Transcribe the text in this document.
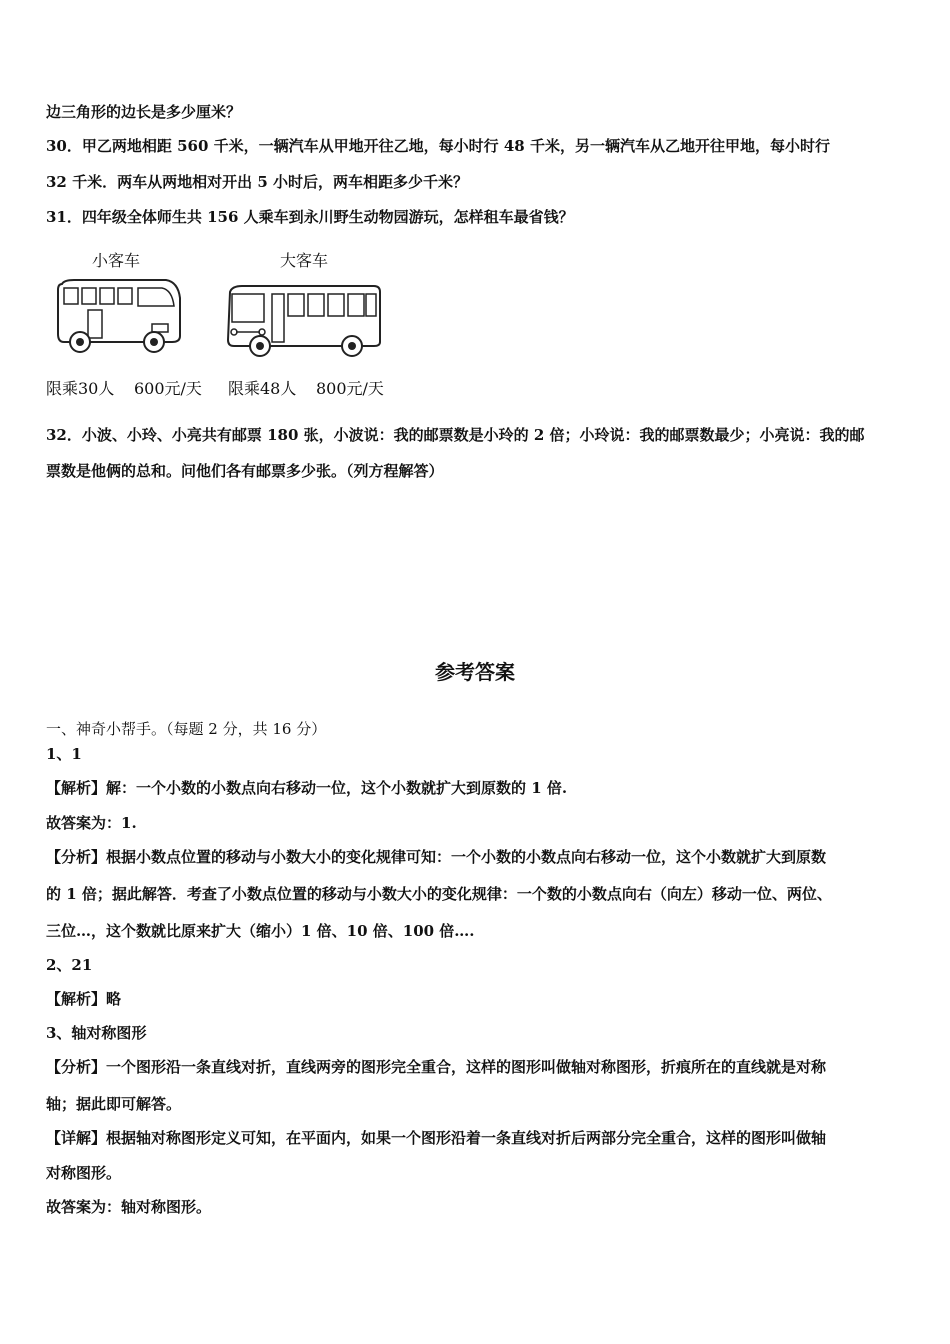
边三角形的边长是多少厘米？
30．甲乙两地相距 560 千米，一辆汽车从甲地开往乙地，每小时行 48 千米，另一辆汽车从乙地开往甲地，每小时行
32 千米．两车从两地相对开出 5 小时后，两车相距多少千米？
31．四年级全体师生共 156 人乘车到永川野生动物园游玩，怎样租车最省钱？
小客车
限乘30人 600元/天
大客车
限乘48人 800元/天
32．小波、小玲、小亮共有邮票 180 张，小波说：我的邮票数是小玲的 2 倍；小玲说：我的邮票数最少；小亮说：我的邮
票数是他俩的总和。问他们各有邮票多少张。（列方程解答）
参考答案
一、神奇小帮手。（每题 2 分，共 16 分）
1、1
【解析】解：一个小数的小数点向右移动一位，这个小数就扩大到原数的 1 倍.
故答案为：1.
【分析】根据小数点位置的移动与小数大小的变化规律可知：一个小数的小数点向右移动一位，这个小数就扩大到原数
的 1 倍；据此解答．考查了小数点位置的移动与小数大小的变化规律：一个数的小数点向右（向左）移动一位、两位、
三位…，这个数就比原来扩大（缩小）1 倍、10 倍、100 倍….
2、21
【解析】略
3、轴对称图形
【分析】一个图形沿一条直线对折，直线两旁的图形完全重合，这样的图形叫做轴对称图形，折痕所在的直线就是对称
轴；据此即可解答。
【详解】根据轴对称图形定义可知，在平面内，如果一个图形沿着一条直线对折后两部分完全重合，这样的图形叫做轴
对称图形。
故答案为：轴对称图形。
